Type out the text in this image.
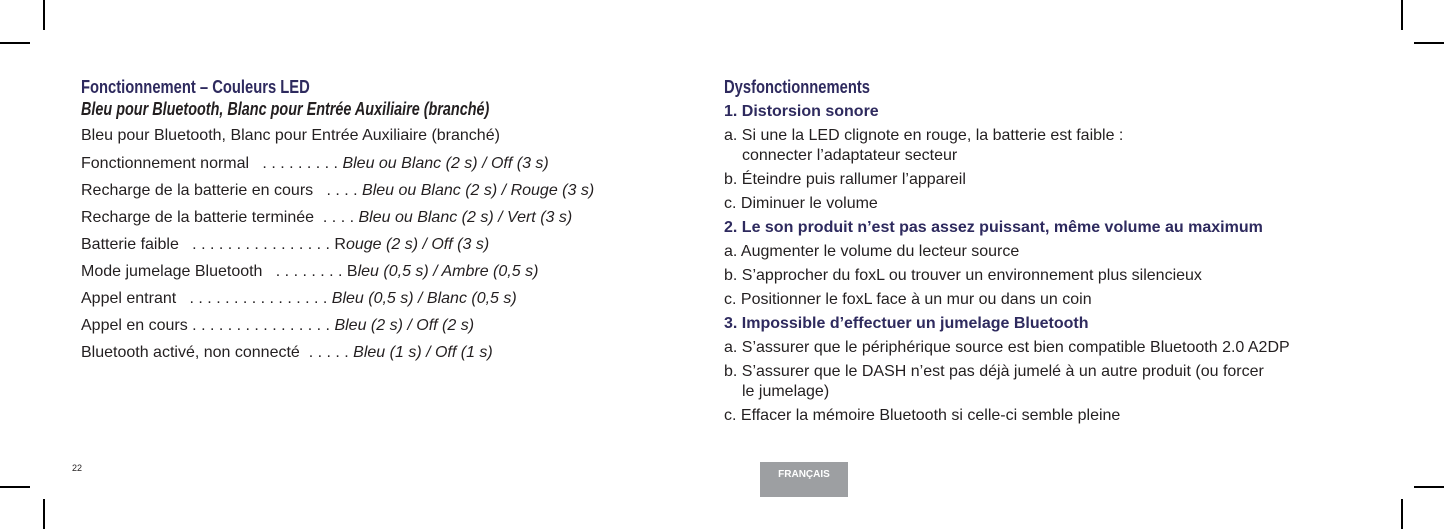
Fonctionnement – Couleurs LED
Bleu pour Bluetooth, Blanc pour Entrée Auxiliaire (branché)
Bleu pour Bluetooth, Blanc pour Entrée Auxiliaire (branché)
Fonctionnement normal   . . . . . . . . . Bleu ou Blanc (2 s) / Off (3 s)
Recharge de la batterie en cours   . . . . Bleu ou Blanc (2 s) / Rouge (3 s)
Recharge de la batterie terminée  . . . . Bleu ou Blanc (2 s) / Vert (3 s)
Batterie faible   . . . . . . . . . . . . . . . . R ouge (2 s) / Off (3 s)
Mode jumelage Bluetooth   . . . . . . . . B leu (0,5 s) / Ambre (0,5 s)
Appel entrant   . . . . . . . . . . . . . . . . Bleu (0,5 s) / Blanc (0,5 s)
Appel en cours . . . . . . . . . . . . . . . . Bleu (2 s) / Off (2 s)
Bluetooth activé, non connecté  . . . . . Bleu (1 s) / Off (1 s)
Dysfonctionnements
1. Distorsion sonore
a. Si une la LED clignote en rouge, la batterie est faible :
connecter l’adaptateur secteur
b. Éteindre puis rallumer l’appareil
c. Diminuer le volume
2. Le son produit n’est pas assez puissant, même volume au maximum
a. Augmenter le volume du lecteur source
b. S’approcher du foxL ou trouver un environnement plus silencieux
c. Positionner le foxL face à un mur ou dans un coin
3. Impossible d’effectuer un jumelage Bluetooth
a. S’assurer que le périphérique source est bien compatible Bluetooth 2.0 A2DP
b. S’assurer que le DASH n’est pas déjà jumelé à un autre produit (ou forcer
le jumelage)
c. Effacer la mémoire Bluetooth si celle-ci semble pleine
22
FRANÇAIS
